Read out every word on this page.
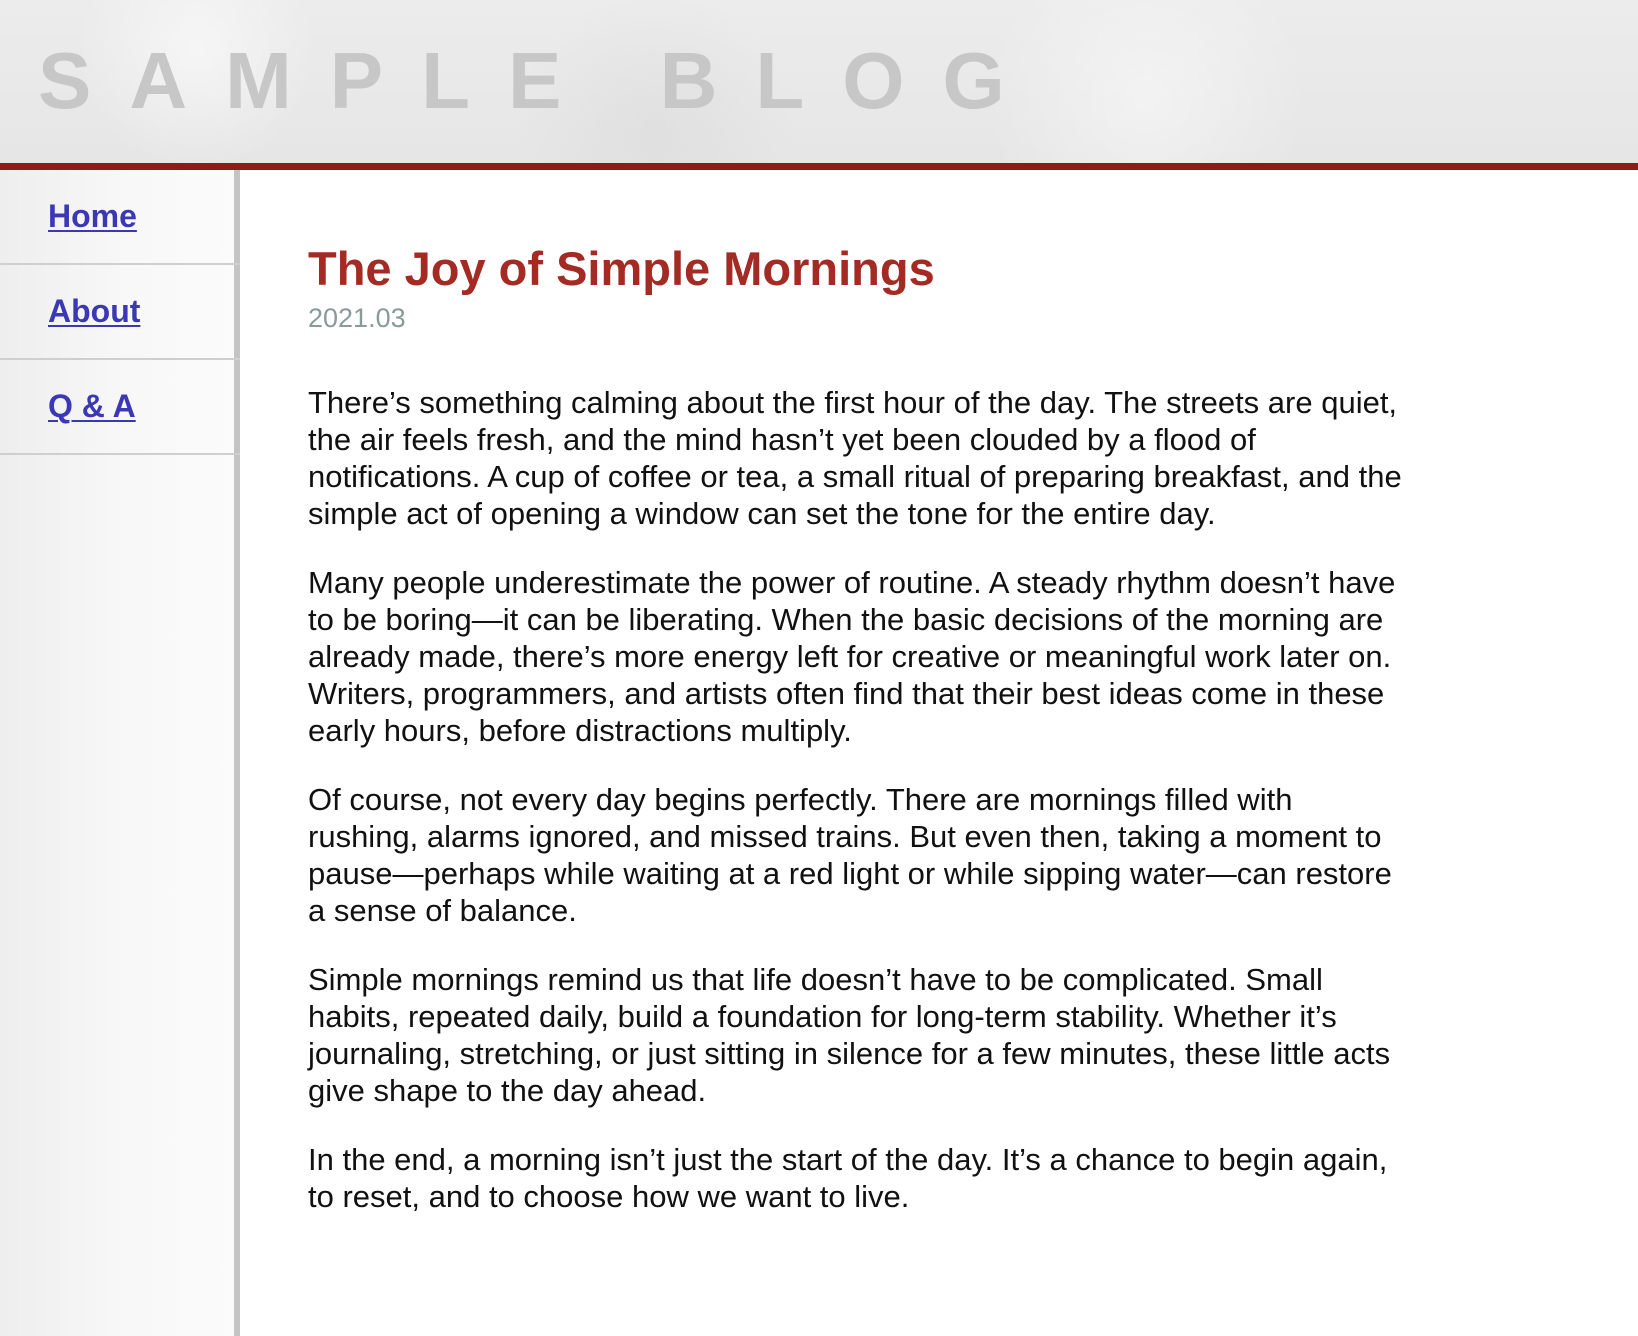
SAMPLE BLOG
Home
About
Q & A
The Joy of Simple Mornings
2021.03

There’s something calming about the first hour of the day. The streets are quiet, the air feels fresh, and the mind hasn’t yet been clouded by a flood of notifications. A cup of coffee or tea, a small ritual of preparing breakfast, and the simple act of opening a window can set the tone for the entire day.

Many people underestimate the power of routine. A steady rhythm doesn’t have to be boring—it can be liberating. When the basic decisions of the morning are already made, there’s more energy left for creative or meaningful work later on. Writers, programmers, and artists often find that their best ideas come in these early hours, before distractions multiply.

Of course, not every day begins perfectly. There are mornings filled with rushing, alarms ignored, and missed trains. But even then, taking a moment to pause—perhaps while waiting at a red light or while sipping water—can restore a sense of balance.

Simple mornings remind us that life doesn’t have to be complicated. Small habits, repeated daily, build a foundation for long-term stability. Whether it’s journaling, stretching, or just sitting in silence for a few minutes, these little acts give shape to the day ahead.

In the end, a morning isn’t just the start of the day. It’s a chance to begin again, to reset, and to choose how we want to live.
